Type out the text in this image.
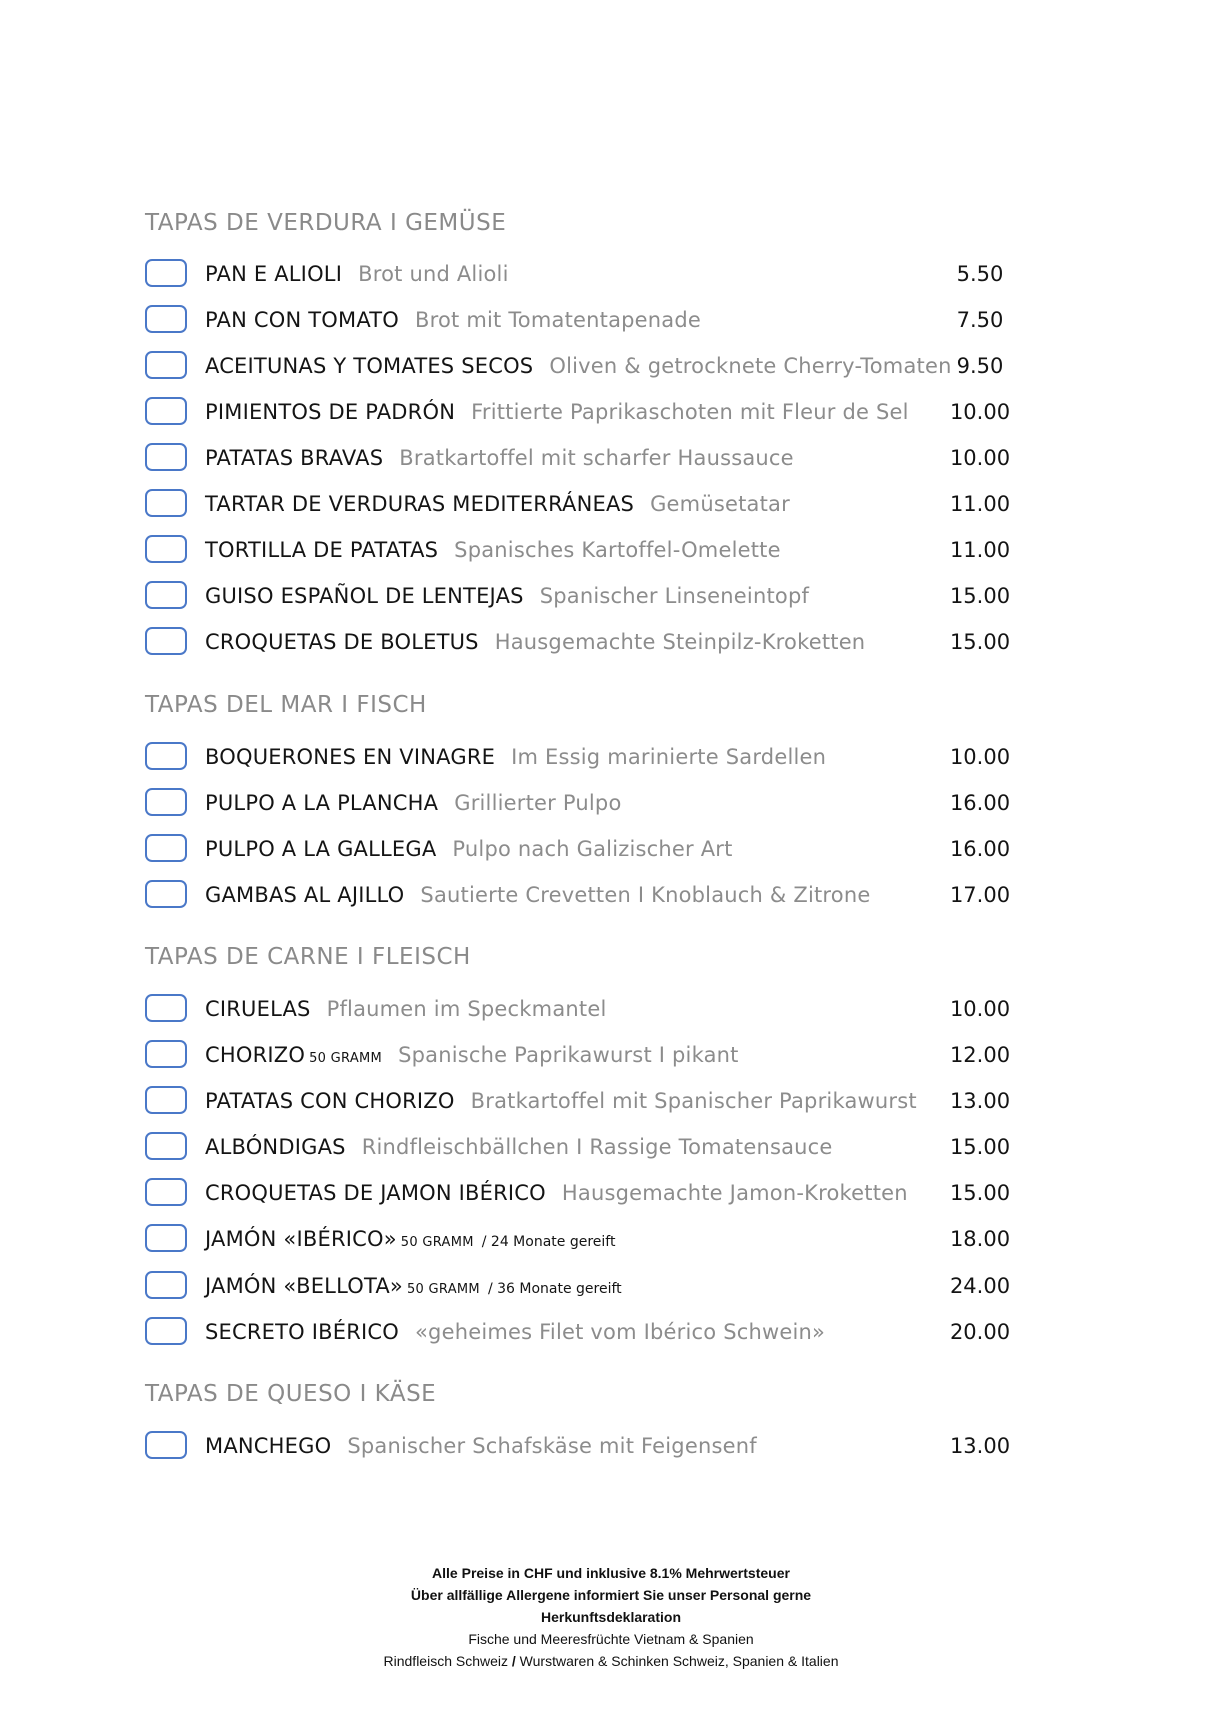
TAPAS DE VERDURA I GEMÜSE
PAN E ALIOLI Brot und Alioli	5.50
PAN CON TOMATO Brot mit Tomatentapenade	7.50
ACEITUNAS Y TOMATES SECOS Oliven & getrocknete Cherry-Tomaten 9.50
PIMIENTOS DE PADRÓN Frittierte Paprikaschoten mit Fleur de Sel	10.00
PATATAS BRAVAS Bratkartoffel mit scharfer Haussauce	10.00
TARTAR DE VERDURAS MEDITERRÁNEAS Gemüsetatar	11.00
TORTILLA DE PATATAS Spanisches Kartoffel-Omelette	11.00
GUISO ESPAÑOL DE LENTEJAS Spanischer Linseneintopf	15.00
CROQUETAS DE BOLETUS Hausgemachte Steinpilz-Kroketten	15.00
TAPAS DEL MAR I FISCH
BOQUERONES EN VINAGRE Im Essig marinierte Sardellen	10.00
PULPO A LA PLANCHA Grillierter Pulpo	16.00
PULPO A LA GALLEGA Pulpo nach Galizischer Art	16.00
GAMBAS AL AJILLO Sautierte Crevetten I Knoblauch & Zitrone	17.00
TAPAS DE CARNE I FLEISCH
CIRUELAS Pflaumen im Speckmantel	10.00
CHORIZO 50 GRAMM Spanische Paprikawurst I pikant	12.00
PATATAS CON CHORIZO Bratkartoffel mit Spanischer Paprikawurst	13.00
ALBÓNDIGAS Rindfleischbällchen I Rassige Tomatensauce	15.00
CROQUETAS DE JAMON IBÉRICO Hausgemachte Jamon-Kroketten	15.00
JAMÓN «IBÉRICO» 50 GRAMM / 24 Monate gereift	18.00
JAMÓN «BELLOTA» 50 GRAMM / 36 Monate gereift	24.00
SECRETO IBÉRICO «geheimes Filet vom Ibérico Schwein»	20.00
TAPAS DE QUESO I KÄSE
MANCHEGO Spanischer Schafskäse mit Feigensenf	13.00
Alle Preise in CHF und inklusive 8.1% Mehrwertsteuer
Über allfällige Allergene informiert Sie unser Personal gerne
Herkunftsdeklaration
Fische und Meeresfrüchte Vietnam & Spanien
Rindfleisch Schweiz / Wurstwaren & Schinken Schweiz, Spanien & Italien
